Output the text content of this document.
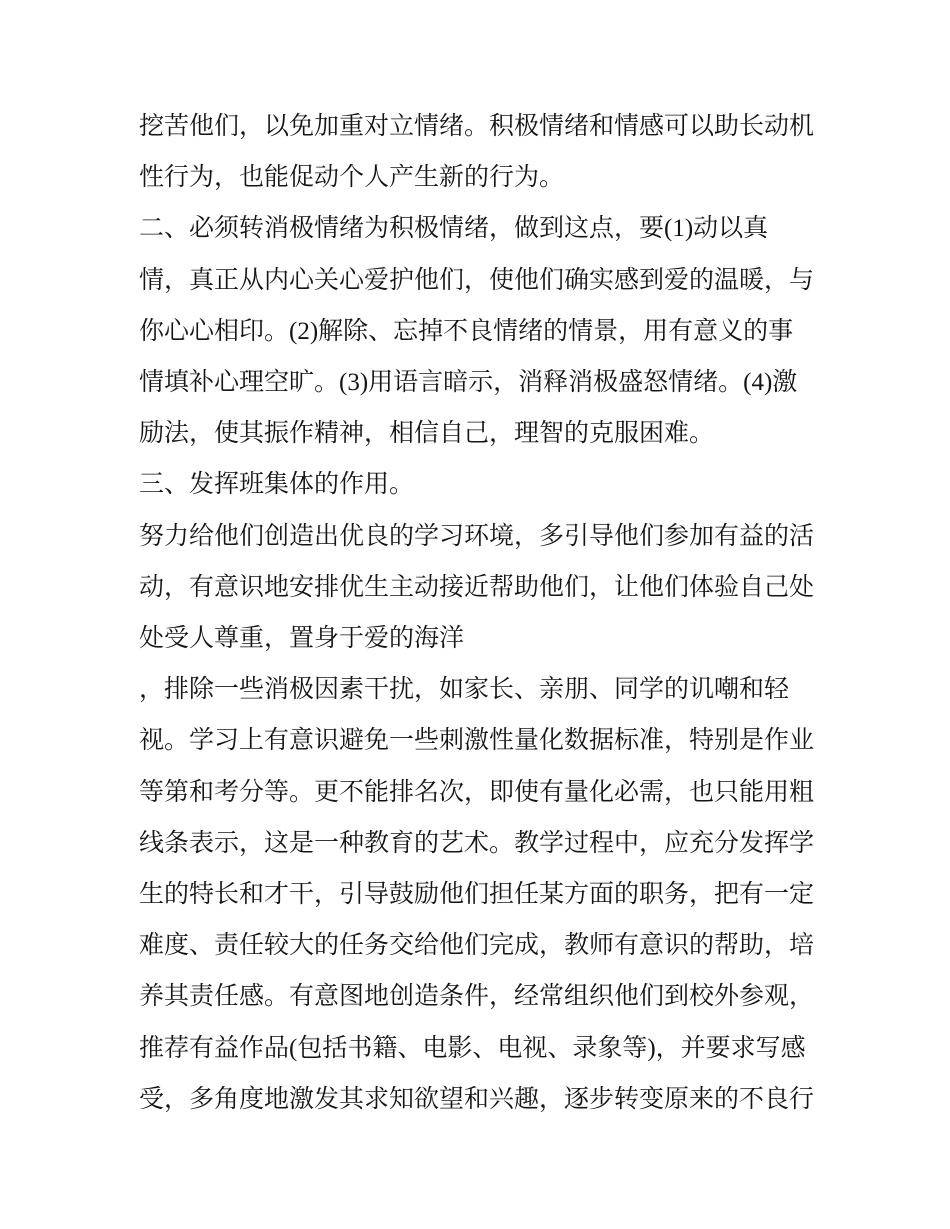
挖苦他们，以免加重对立情绪。积极情绪和情感可以助长动机

性行为，也能促动个人产生新的行为。

二、必须转消极情绪为积极情绪，做到这点，要(1)动以真

情，真正从内心关心爱护他们，使他们确实感到爱的温暖，与

你心心相印。(2)解除、忘掉不良情绪的情景，用有意义的事

情填补心理空旷。(3)用语言暗示，消释消极盛怒情绪。(4)激

励法，使其振作精神，相信自己，理智的克服困难。

三、发挥班集体的作用。

努力给他们创造出优良的学习环境，多引导他们参加有益的活

动，有意识地安排优生主动接近帮助他们，让他们体验自己处

处受人尊重，置身于爱的海洋

，排除一些消极因素干扰，如家长、亲朋、同学的讥嘲和轻

视。学习上有意识避免一些刺激性量化数据标准，特别是作业

等第和考分等。更不能排名次，即使有量化必需，也只能用粗

线条表示，这是一种教育的艺术。教学过程中，应充分发挥学

生的特长和才干，引导鼓励他们担任某方面的职务，把有一定

难度、责任较大的任务交给他们完成，教师有意识的帮助，培

养其责任感。有意图地创造条件，经常组织他们到校外参观，

推荐有益作品(包括书籍、电影、电视、录象等)，并要求写感

受，多角度地激发其求知欲望和兴趣，逐步转变原来的不良行
